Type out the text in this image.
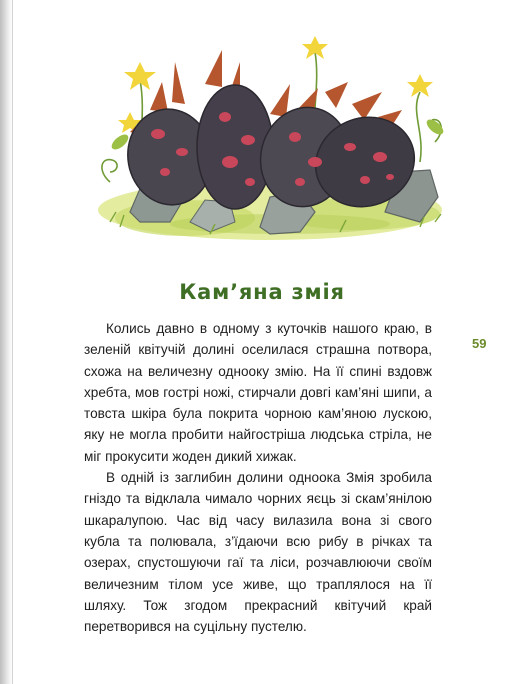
Кам’яна змія
59

Колись давно в одному з куточків нашого краю, в зеленій квітучій долині оселилася страшна потвора, схожа на величезну однооку змію. На її спині вздовж хребта, мов гострі ножі, стирчали довгі кам’яні шипи, а товста шкіра була покрита чорною кам’яною лускою, яку не могла пробити найгостріша людська стріла, не міг прокусити жоден дикий хижак.

В одній із заглибин долини одноока Змія зробила гніздо та відклала чимало чорних яєць зі скам’янілою шкаралупою. Час від часу вилазила вона зі свого кубла та полювала, з’їдаючи всю рибу в річках та озерах, спустошуючи гаї та ліси, розчавлюючи своїм величезним тілом усе живе, що траплялося на її шляху. Тож згодом прекрасний квітучий край перетворився на суцільну пустелю.
